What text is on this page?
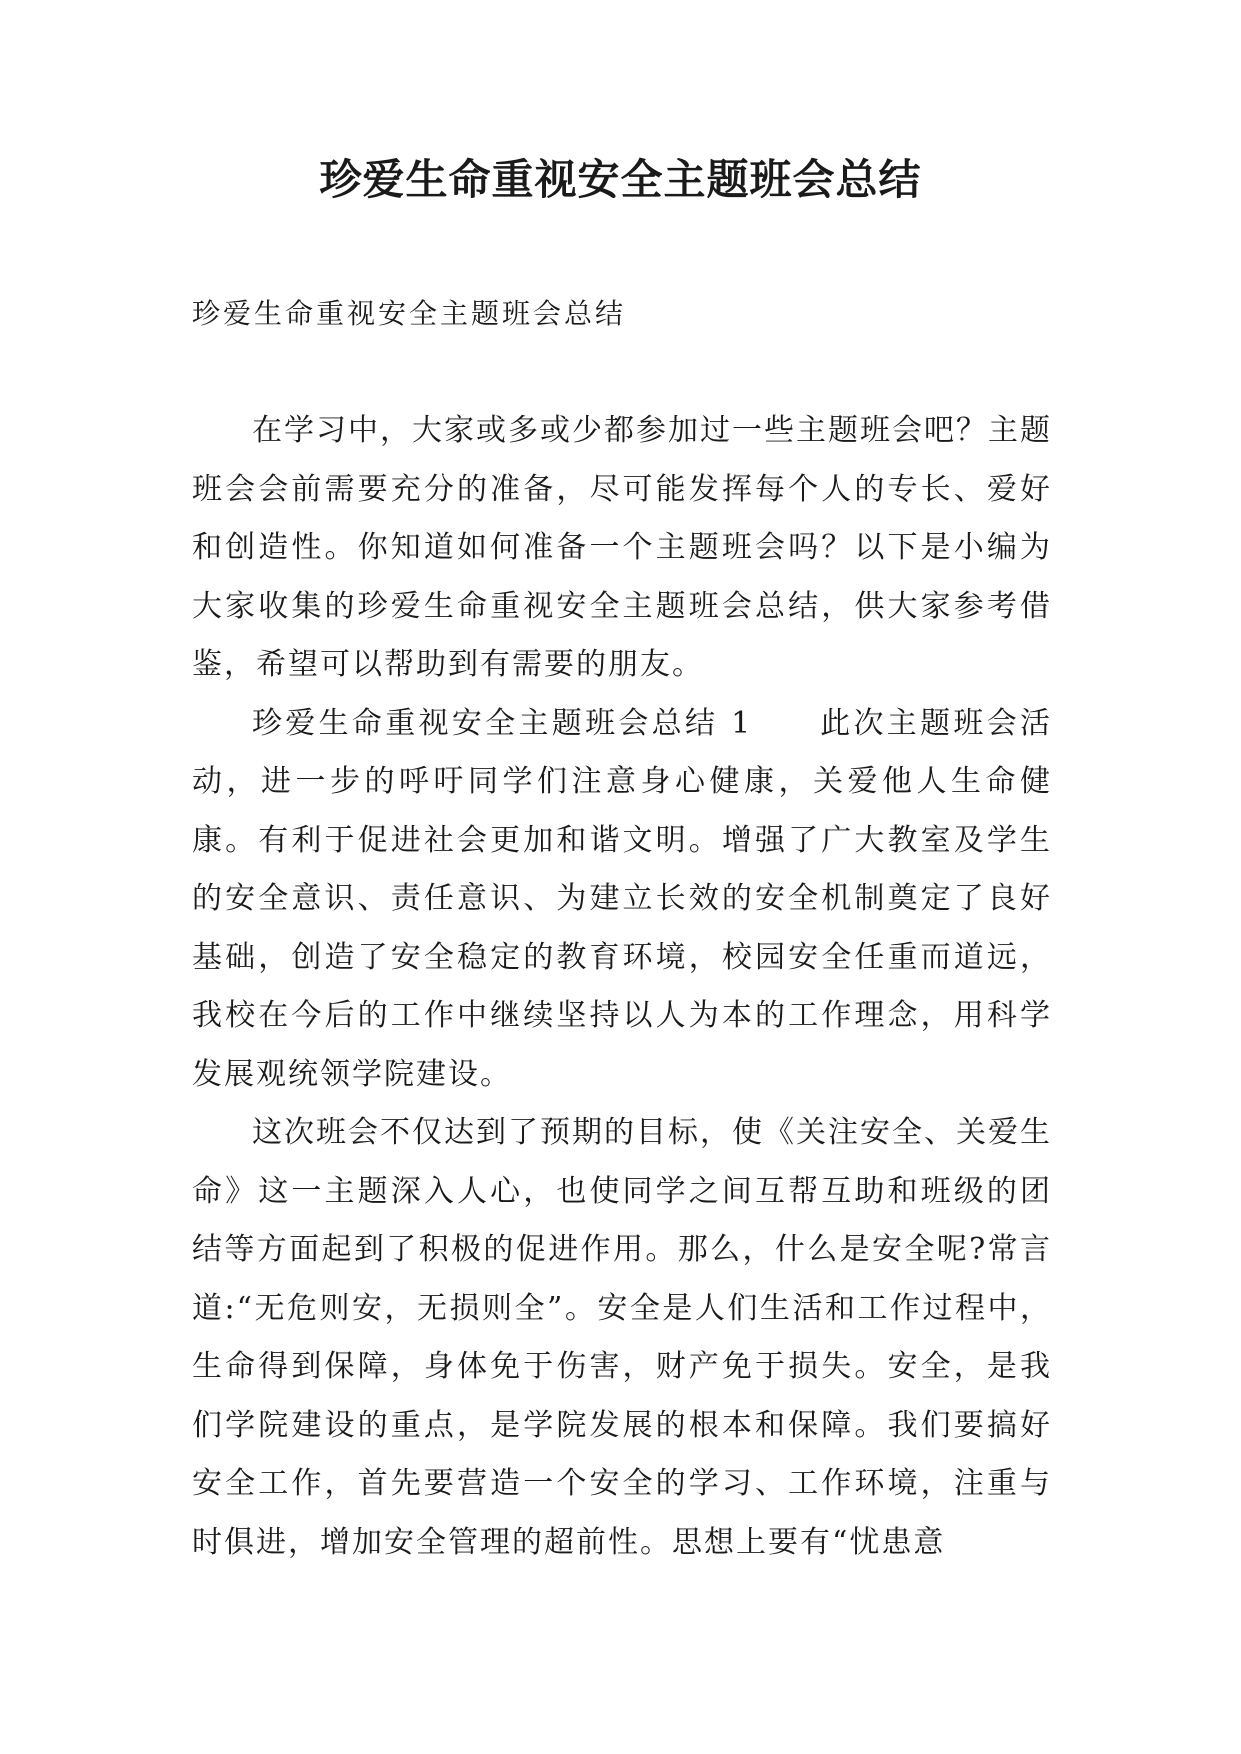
珍爱生命重视安全主题班会总结

珍爱生命重视安全主题班会总结

在学习中，大家或多或少都参加过一些主题班会吧？主题班会会前需要充分的准备，尽可能发挥每个人的专长、爱好和创造性。你知道如何准备一个主题班会吗？以下是小编为大家收集的珍爱生命重视安全主题班会总结，供大家参考借鉴，希望可以帮助到有需要的朋友。

珍爱生命重视安全主题班会总结 1　　此次主题班会活动，进一步的呼吁同学们注意身心健康，关爱他人生命健康。有利于促进社会更加和谐文明。增强了广大教室及学生的安全意识、责任意识、为建立长效的安全机制奠定了良好基础，创造了安全稳定的教育环境，校园安全任重而道远，我校在今后的工作中继续坚持以人为本的工作理念，用科学发展观统领学院建设。

这次班会不仅达到了预期的目标，使《关注安全、关爱生命》这一主题深入人心，也使同学之间互帮互助和班级的团结等方面起到了积极的促进作用。那么，什么是安全呢?常言道:“无危则安，无损则全”。安全是人们生活和工作过程中，生命得到保障，身体免于伤害，财产免于损失。安全，是我们学院建设的重点，是学院发展的根本和保障。我们要搞好安全工作，首先要营造一个安全的学习、工作环境，注重与时俱进，增加安全管理的超前性。思想上要有“忧患意
